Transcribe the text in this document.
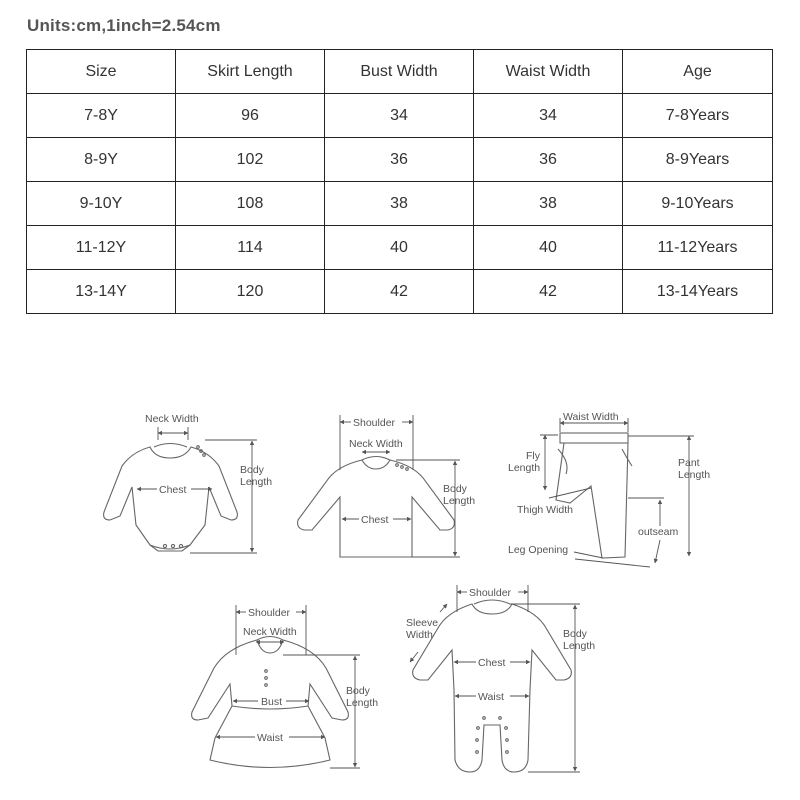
Units:cm,1inch=2.54cm
Size	Skirt Length	Bust Width	Waist Width	Age
7-8Y	96	34	34	7-8Years
8-9Y	102	36	36	8-9Years
9-10Y	108	38	38	9-10Years
11-12Y	114	40	40	11-12Years
13-14Y	120	42	42	13-14Years
Neck Width
Chest
Body
Length
Shoulder
Neck Width
Chest
Body
Length
Waist Width
Fly
Length	Pant
Length
Thigh Width
outseam
Leg Opening
Shoulder
Neck Width
Bust
Waist
Body
Length
Shoulder
Sleeve
Width
Chest
Waist
Body
Length
